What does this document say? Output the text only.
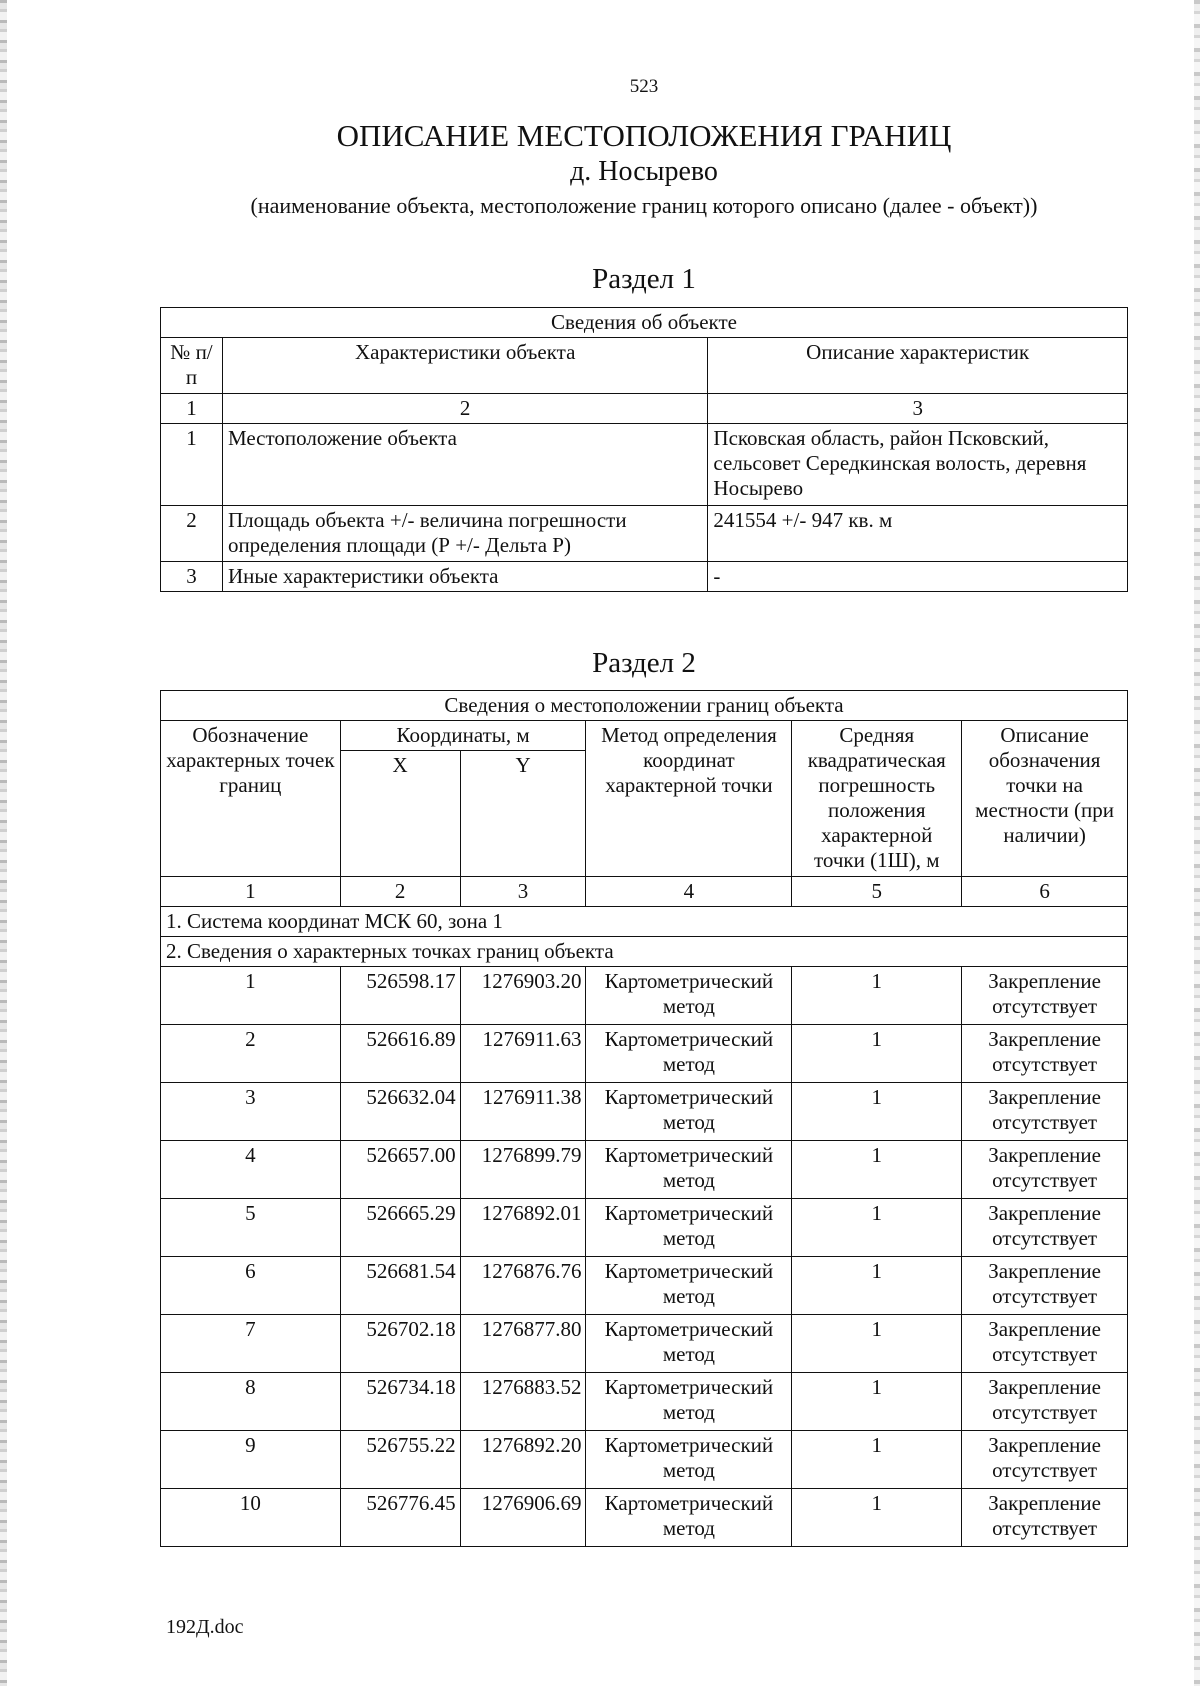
523
ОПИСАНИЕ МЕСТОПОЛОЖЕНИЯ ГРАНИЦ
д. Носырево
(наименование объекта, местоположение границ которого описано (далее - объект))
Раздел 1
Сведения об объекте		
№ п/п	Характеристики объекта	Описание характеристик
1	2	3
1	Местоположение объекта	Псковская область, район Псковский, сельсовет Середкинская волость, деревня Носырево
2	Площадь объекта +/- величина погрешности определения площади (Р +/- Дельта Р)	241554 +/- 947 кв. м
3	Иные характеристики объекта	-
Раздел 2
Сведения о местоположении границ объекта					
Обозначение характерных точек границ	Координаты, м		Метод определения координат характерной точки	Средняя квадратическая погрешность положения характерной точки (1Ш), м	Описание обозначения точки на местности (при наличии)
	X	Y			
1	2	3	4	5	6
1. Система координат МСК 60, зона 1					
2. Сведения о характерных точках границ объекта					
1	526598.17	1276903.20	Картометрический метод	1	Закрепление отсутствует
2	526616.89	1276911.63	Картометрический метод	1	Закрепление отсутствует
3	526632.04	1276911.38	Картометрический метод	1	Закрепление отсутствует
4	526657.00	1276899.79	Картометрический метод	1	Закрепление отсутствует
5	526665.29	1276892.01	Картометрический метод	1	Закрепление отсутствует
6	526681.54	1276876.76	Картометрический метод	1	Закрепление отсутствует
7	526702.18	1276877.80	Картометрический метод	1	Закрепление отсутствует
8	526734.18	1276883.52	Картометрический метод	1	Закрепление отсутствует
9	526755.22	1276892.20	Картометрический метод	1	Закрепление отсутствует
10	526776.45	1276906.69	Картометрический метод	1	Закрепление отсутствует
192Д.doc
